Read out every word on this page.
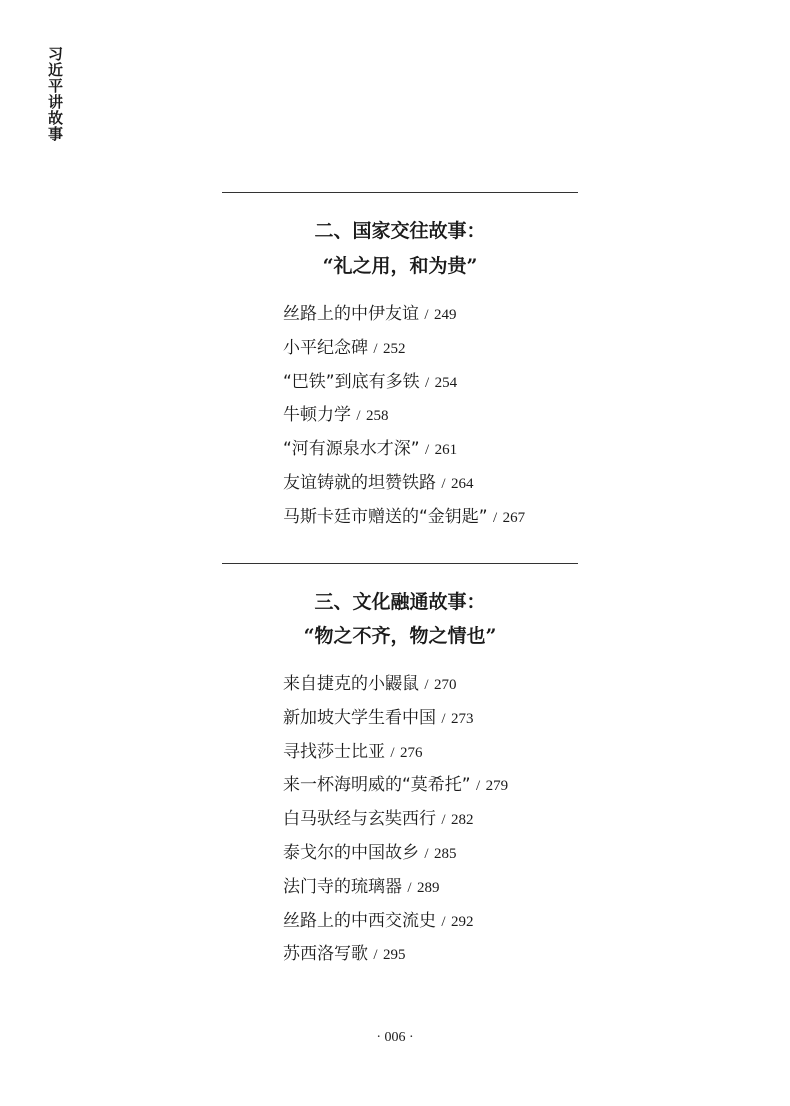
习近平讲故事
二、国家交往故事：
“礼之用，和为贵”
丝路上的中伊友谊 / 249
小平纪念碑 / 252
“巴铁”到底有多铁 / 254
牛顿力学 / 258
“河有源泉水才深” / 261
友谊铸就的坦赞铁路 / 264
马斯卡廷市赠送的“金钥匙” / 267
三、文化融通故事：
“物之不齐，物之情也”
来自捷克的小鼹鼠 / 270
新加坡大学生看中国 / 273
寻找莎士比亚 / 276
来一杯海明威的“莫希托” / 279
白马驮经与玄奘西行 / 282
泰戈尔的中国故乡 / 285
法门寺的琉璃器 / 289
丝路上的中西交流史 / 292
苏西洛写歌 / 295
· 006 ·
